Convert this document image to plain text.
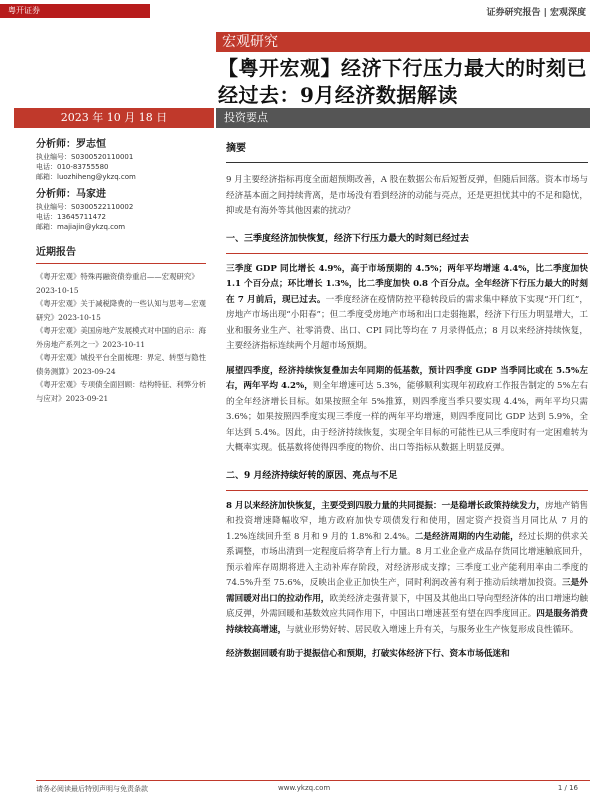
粤开证券	证券研究报告 | 宏观深度
宏观研究
【粤开宏观】经济下行压力最大的时刻已经过去：9月经济数据解读
2023 年 10 月 18 日	投资要点
分析师：罗志恒
执业编号：S0300520110001
电话：010-83755580
邮箱：luozhiheng@ykzq.com
分析师：马家进
执业编号：S0300522110002
电话：13645711472
邮箱：majiajin@ykzq.com
近期报告
《粤开宏观》特殊再融资债券重启——宏观研究》2023-10-15
《粤开宏观》关于减税降费的一些认知与思考—宏观研究》2023-10-15
《粤开宏观》美国房地产发展模式对中国的启示：海外房地产系列之一》2023-10-11
《粤开宏观》城投平台全面梳理：界定、转型与隐性债务测算》2023-09-24
《粤开宏观》专项债全面回顾：结构特征、利弊分析与应对》2023-09-21
摘要

9 月主要经济指标再度全面超预期改善，A 股在数据公布后短暂反弹，但随后回落。资本市场与经济基本面之间持续背离，是市场没有看到经济的动能与亮点，还是更担忧其中的不足和隐忧，抑或是有海外等其他因素的扰动？

一、三季度经济加快恢复，经济下行压力最大的时刻已经过去

三季度 GDP 同比增长 4.9%，高于市场预期的 4.5%；两年平均增速 4.4%，比二季度加快 1.1 个百分点；环比增长 1.3%，比二季度加快 0.8 个百分点。全年经济下行压力最大的时刻在 7 月前后，现已过去。一季度经济在疫情防控平稳转段后的需求集中释放下实现“开门红”，房地产市场出现“小阳春”；但二季度受房地产市场和出口走弱拖累，经济下行压力明显增大，工业和服务业生产、社零消费、出口、CPI 同比等均在 7 月录得低点；8 月以来经济持续恢复，主要经济指标连续两个月超市场预期。

展望四季度，经济持续恢复叠加去年同期的低基数，预计四季度 GDP 当季同比或在 5.5%左右，两年平均 4.2%，则全年增速可达 5.3%，能够顺利实现年初政府工作报告制定的 5%左右的全年经济增长目标。如果按照全年 5%推算，则四季度当季只要实现 4.4%，两年平均只需 3.6%；如果按照四季度实现三季度一样的两年平均增速，则四季度同比 GDP 达到 5.9%，全年达到 5.4%。因此，由于经济持续恢复，实现全年目标的可能性已从三季度时有一定困难转为大概率实现。低基数将使得四季度的物价、出口等指标从数据上明显反弹。

二、9 月经济持续好转的原因、亮点与不足

8 月以来经济加快恢复，主要受到四股力量的共同提振：一是稳增长政策持续发力，房地产销售和投资增速降幅收窄，地方政府加快专项债发行和使用，固定资产投资当月同比从 7 月的 1.2%连续回升至 8 月和 9 月的 1.8%和 2.4%。二是经济周期的内生动能，经过长期的供求关系调整，市场出清到一定程度后将孕育上行力量。8 月工业企业产成品存货同比增速触底回升，预示着库存周期将进入主动补库存阶段，对经济形成支撑；三季度工业产能利用率由二季度的 74.5%升至 75.6%，反映出企业正加快生产，同时利润改善有利于推动后续增加投资。三是外需回暖对出口的拉动作用，欧美经济走强背景下，中国及其他出口导向型经济体的出口增速均触底反弹，外需回暖和基数效应共同作用下，中国出口增速甚至有望在四季度回正。四是服务消费持续较高增速，与就业形势好转、居民收入增速上升有关，与服务业生产恢复形成良性循环。

经济数据回暖有助于提振信心和预期，打破实体经济下行、资本市场低迷和

请务必阅读最后特别声明与免责条款	www.ykzq.com	1 / 16
